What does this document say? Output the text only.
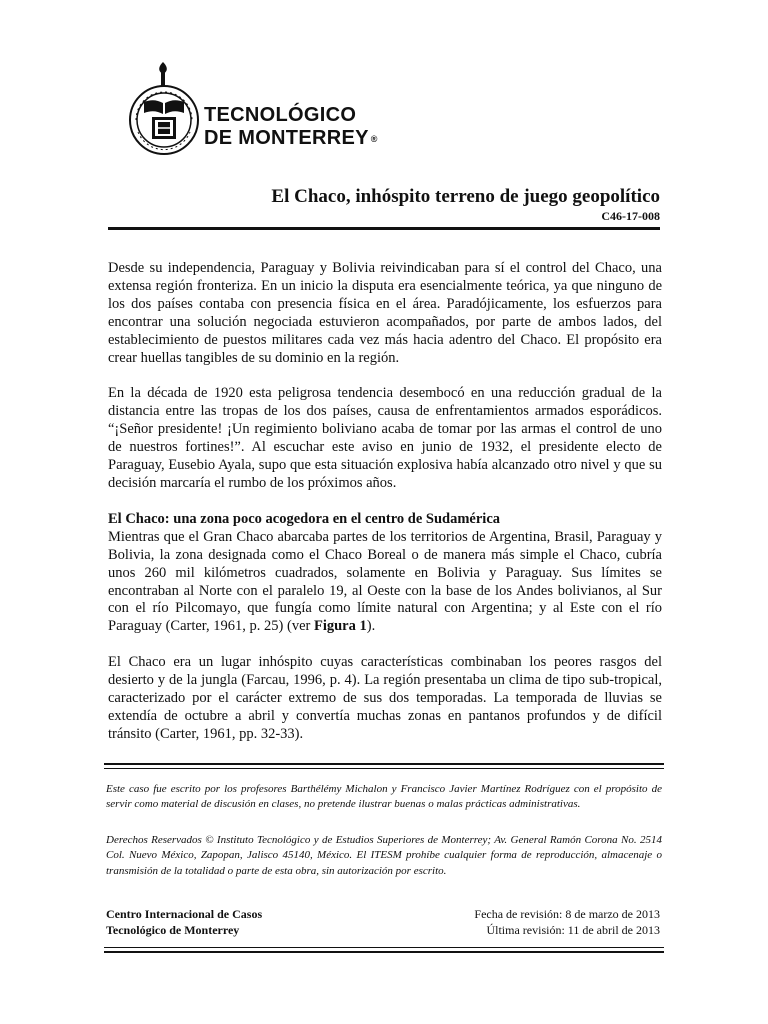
TECNOLÓGICO
DE MONTERREY ®
El Chaco, inhóspito terreno de juego geopolítico
C46-17-008

Desde su independencia, Paraguay y Bolivia reivindicaban para sí el control del Chaco, una extensa región fronteriza. En un inicio la disputa era esencialmente teórica, ya que ninguno de los dos países contaba con presencia física en el área. Paradójicamente, los esfuerzos para encontrar una solución negociada estuvieron acompañados, por parte de ambos lados, del establecimiento de puestos militares cada vez más hacia adentro del Chaco. El propósito era crear huellas tangibles de su dominio en la región.

En la década de 1920 esta peligrosa tendencia desembocó en una reducción gradual de la distancia entre las tropas de los dos países, causa de enfrentamientos armados esporádicos. “¡Señor presidente! ¡Un regimiento boliviano acaba de tomar por las armas el control de uno de nuestros fortines!”. Al escuchar este aviso en junio de 1932, el presidente electo de Paraguay, Eusebio Ayala, supo que esta situación explosiva había alcanzado otro nivel y que su decisión marcaría el rumbo de los próximos años.

El Chaco: una zona poco acogedora en el centro de Sudamérica

Mientras que el Gran Chaco abarcaba partes de los territorios de Argentina, Brasil, Paraguay y Bolivia, la zona designada como el Chaco Boreal o de manera más simple el Chaco, cubría unos 260 mil kilómetros cuadrados, solamente en Bolivia y Paraguay. Sus límites se encontraban al Norte con el paralelo 19, al Oeste con la base de los Andes bolivianos, al Sur con el río Pilcomayo, que fungía como límite natural con Argentina; y al Este con el río Paraguay (Carter, 1961, p. 25) (ver Figura 1).

El Chaco era un lugar inhóspito cuyas características combinaban los peores rasgos del desierto y de la jungla (Farcau, 1996, p. 4). La región presentaba un clima de tipo sub-tropical, caracterizado por el carácter extremo de sus dos temporadas. La temporada de lluvias se extendía de octubre a abril y convertía muchas zonas en pantanos profundos y de difícil tránsito (Carter, 1961, pp. 32-33).

Este caso fue escrito por los profesores Barthélémy Michalon y Francisco Javier Martínez Rodríguez con el propósito de servir como material de discusión en clases, no pretende ilustrar buenas o malas prácticas administrativas.
Derechos Reservados © Instituto Tecnológico y de Estudios Superiores de Monterrey; Av. General Ramón Corona No. 2514 Col. Nuevo México, Zapopan, Jalisco 45140, México. El ITESM prohíbe cualquier forma de reproducción, almacenaje o transmisión de la totalidad o parte de esta obra, sin autorización por escrito.
Centro Internacional de Casos
Tecnológico de Monterrey
Fecha de revisión: 8 de marzo de 2013
Última revisión: 11 de abril de 2013
